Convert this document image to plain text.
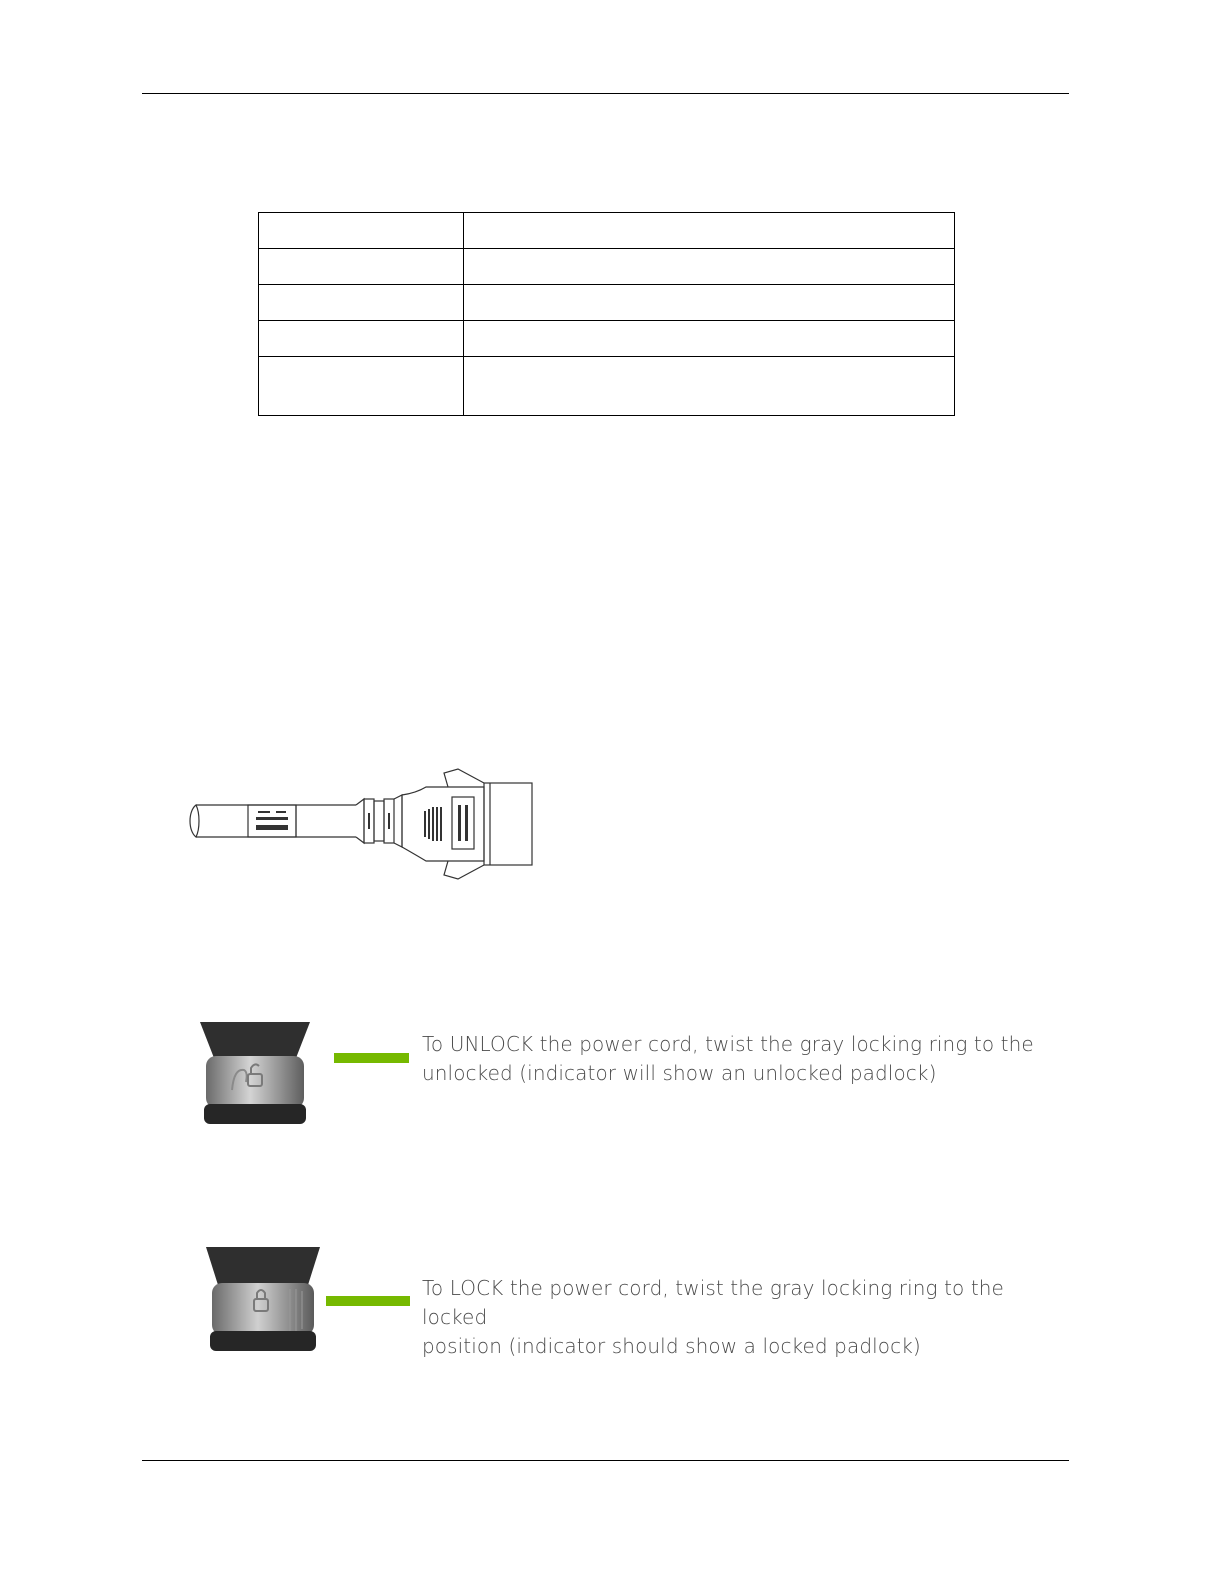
To UNLOCK the power cord, twist the gray locking ring to the
unlocked (indicator will show an unlocked padlock)
To LOCK the power cord, twist the gray locking ring to the locked
position (indicator should show a locked padlock)
